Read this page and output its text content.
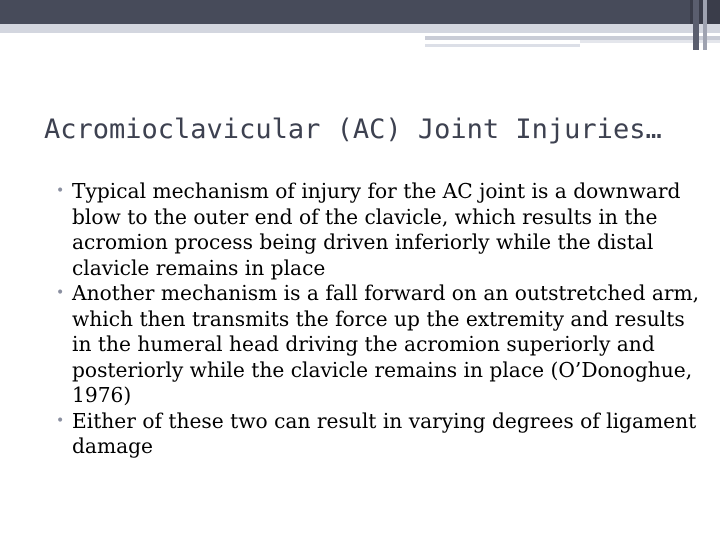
Acromioclavicular (AC) Joint Injuries…
• Typical mechanism of injury for the AC joint is a downward blow to the outer end of the clavicle, which results in the acromion process being driven inferiorly while the distal clavicle remains in place
• Another mechanism is a fall forward on an outstretched arm, which then transmits the force up the extremity and results in the humeral head driving the acromion superiorly and posteriorly while the clavicle remains in place (O’Donoghue, 1976)
• Either of these two can result in varying degrees of ligament damage
